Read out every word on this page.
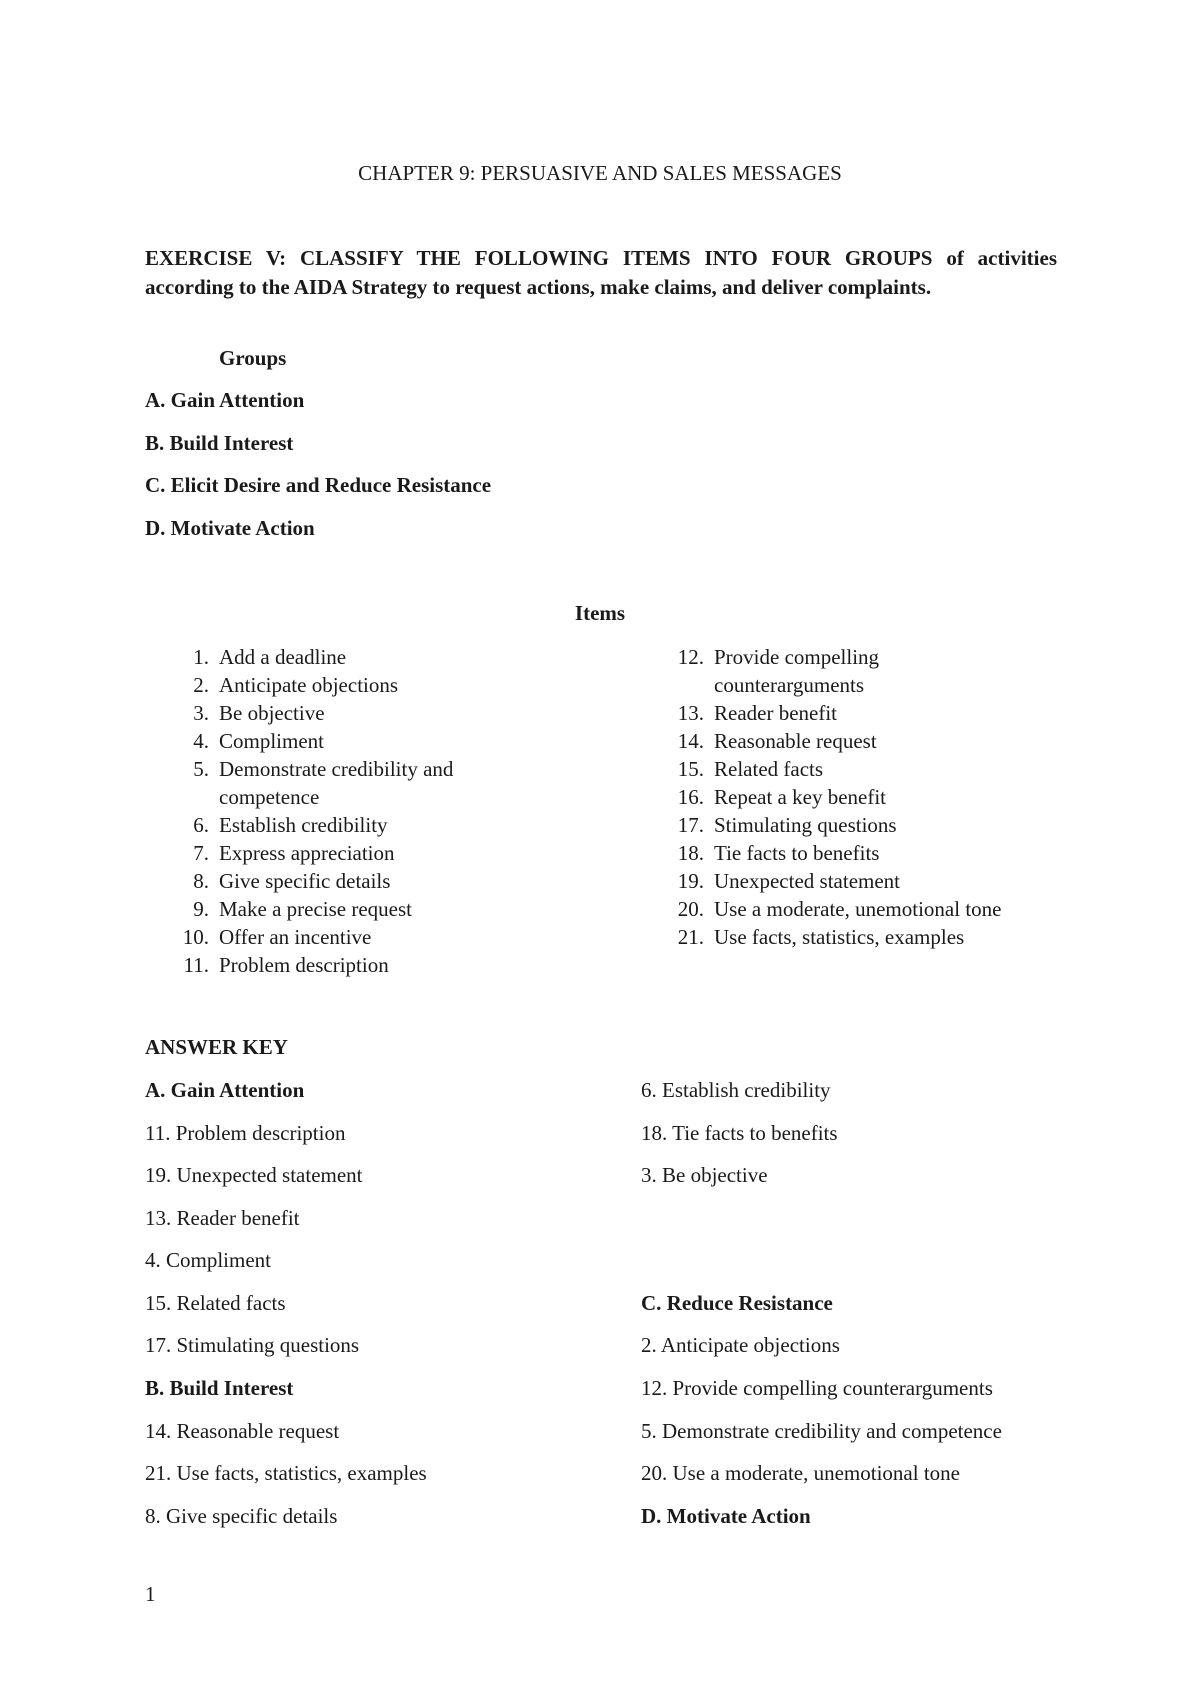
CHAPTER 9: PERSUASIVE AND SALES MESSAGES
EXERCISE V: CLASSIFY THE FOLLOWING ITEMS INTO FOUR GROUPS of activities according to the AIDA Strategy to request actions, make claims, and deliver complaints.
Groups
A. Gain Attention
B. Build Interest
C. Elicit Desire and Reduce Resistance
D. Motivate Action
Items
1. Add a deadline
2. Anticipate objections
3. Be objective
4. Compliment
5. Demonstrate credibility and competence
6. Establish credibility
7. Express appreciation
8. Give specific details
9. Make a precise request
10. Offer an incentive
11. Problem description
12. Provide compelling counterarguments
13. Reader benefit
14. Reasonable request
15. Related facts
16. Repeat a key benefit
17. Stimulating questions
18. Tie facts to benefits
19. Unexpected statement
20. Use a moderate, unemotional tone
21. Use facts, statistics, examples
ANSWER KEY
A. Gain Attention
11. Problem description
19. Unexpected statement
13. Reader benefit
4. Compliment
15. Related facts
17. Stimulating questions
B. Build Interest
14. Reasonable request
21. Use facts, statistics, examples
8. Give specific details
6. Establish credibility
18. Tie facts to benefits
3. Be objective
C. Reduce Resistance
2. Anticipate objections
12. Provide compelling counterarguments
5. Demonstrate credibility and competence
20. Use a moderate, unemotional tone
D. Motivate Action
1
